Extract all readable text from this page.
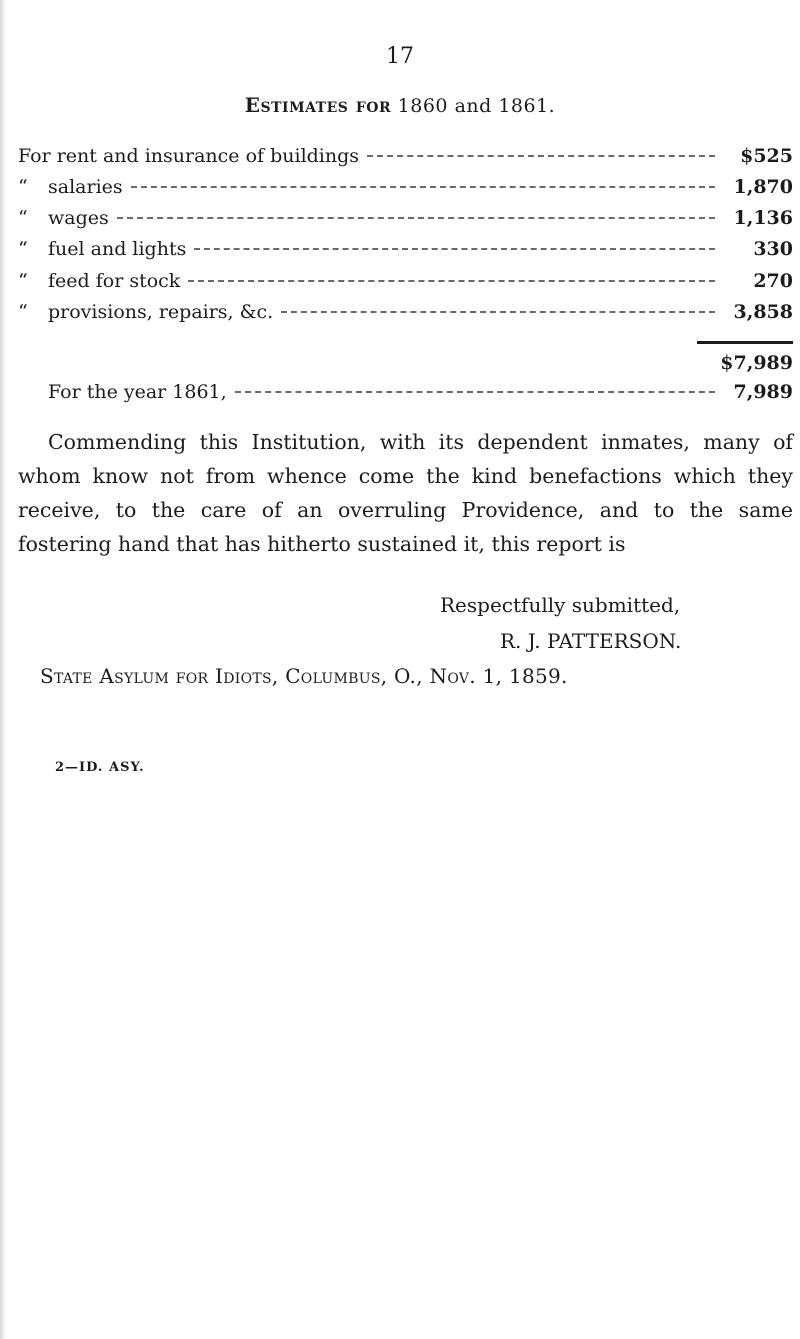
17
Estimates for 1860 and 1861.
For rent and insurance of buildings	$525
“ salaries	1,870
“ wages	1,136
“ fuel and lights	330
“ feed for stock	270
“ provisions, repairs, &c.	3,858
$7,989
For the year 1861,	7,989

Commending this Institution, with its dependent inmates, many of whom know not from whence come the kind benefactions which they receive, to the care of an overruling Providence, and to the same fostering hand that has hitherto sustained it, this report is

Respectfully submitted,
R. J. PATTERSON.
State Asylum for Idiots, Columbus, O., Nov. 1, 1859.
2—ID. ASY.
